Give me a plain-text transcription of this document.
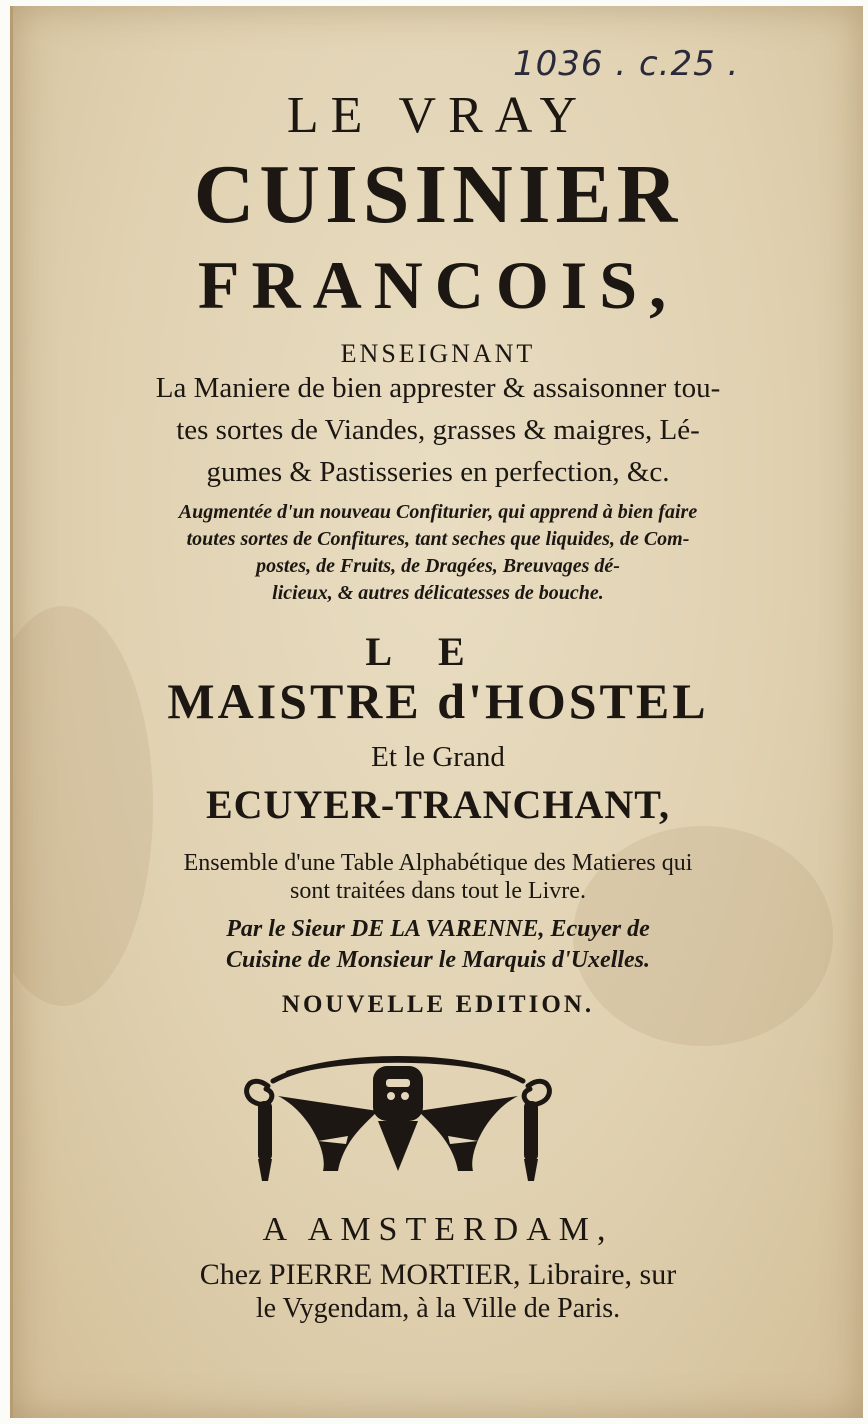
1036 . c.25 .
LE VRAY
CUISINIER
FRANCOIS,
ENSEIGNANT
La Maniere de bien apprester & assaisonner tou-
tes sortes de Viandes, grasses & maigres, Lé-
gumes & Pastisseries en perfection, &c.
Augmentée d'un nouveau Confiturier, qui apprend à bien faire
toutes sortes de Confitures, tant seches que liquides, de Com-
postes, de Fruits, de Dragées, Breuvages dé-
licieux, & autres délicatesses de bouche.
LE
MAISTRE d'HOSTEL
Et le Grand
ECUYER-TRANCHANT,
Ensemble d'une Table Alphabétique des Matieres qui
sont traitées dans tout le Livre.
Par le Sieur DE LA VARENNE, Ecuyer de
Cuisine de Monsieur le Marquis d'Uxelles.
NOUVELLE EDITION.
A AMSTERDAM,
Chez PIERRE MORTIER, Libraire, sur
le Vygendam, à la Ville de Paris.
